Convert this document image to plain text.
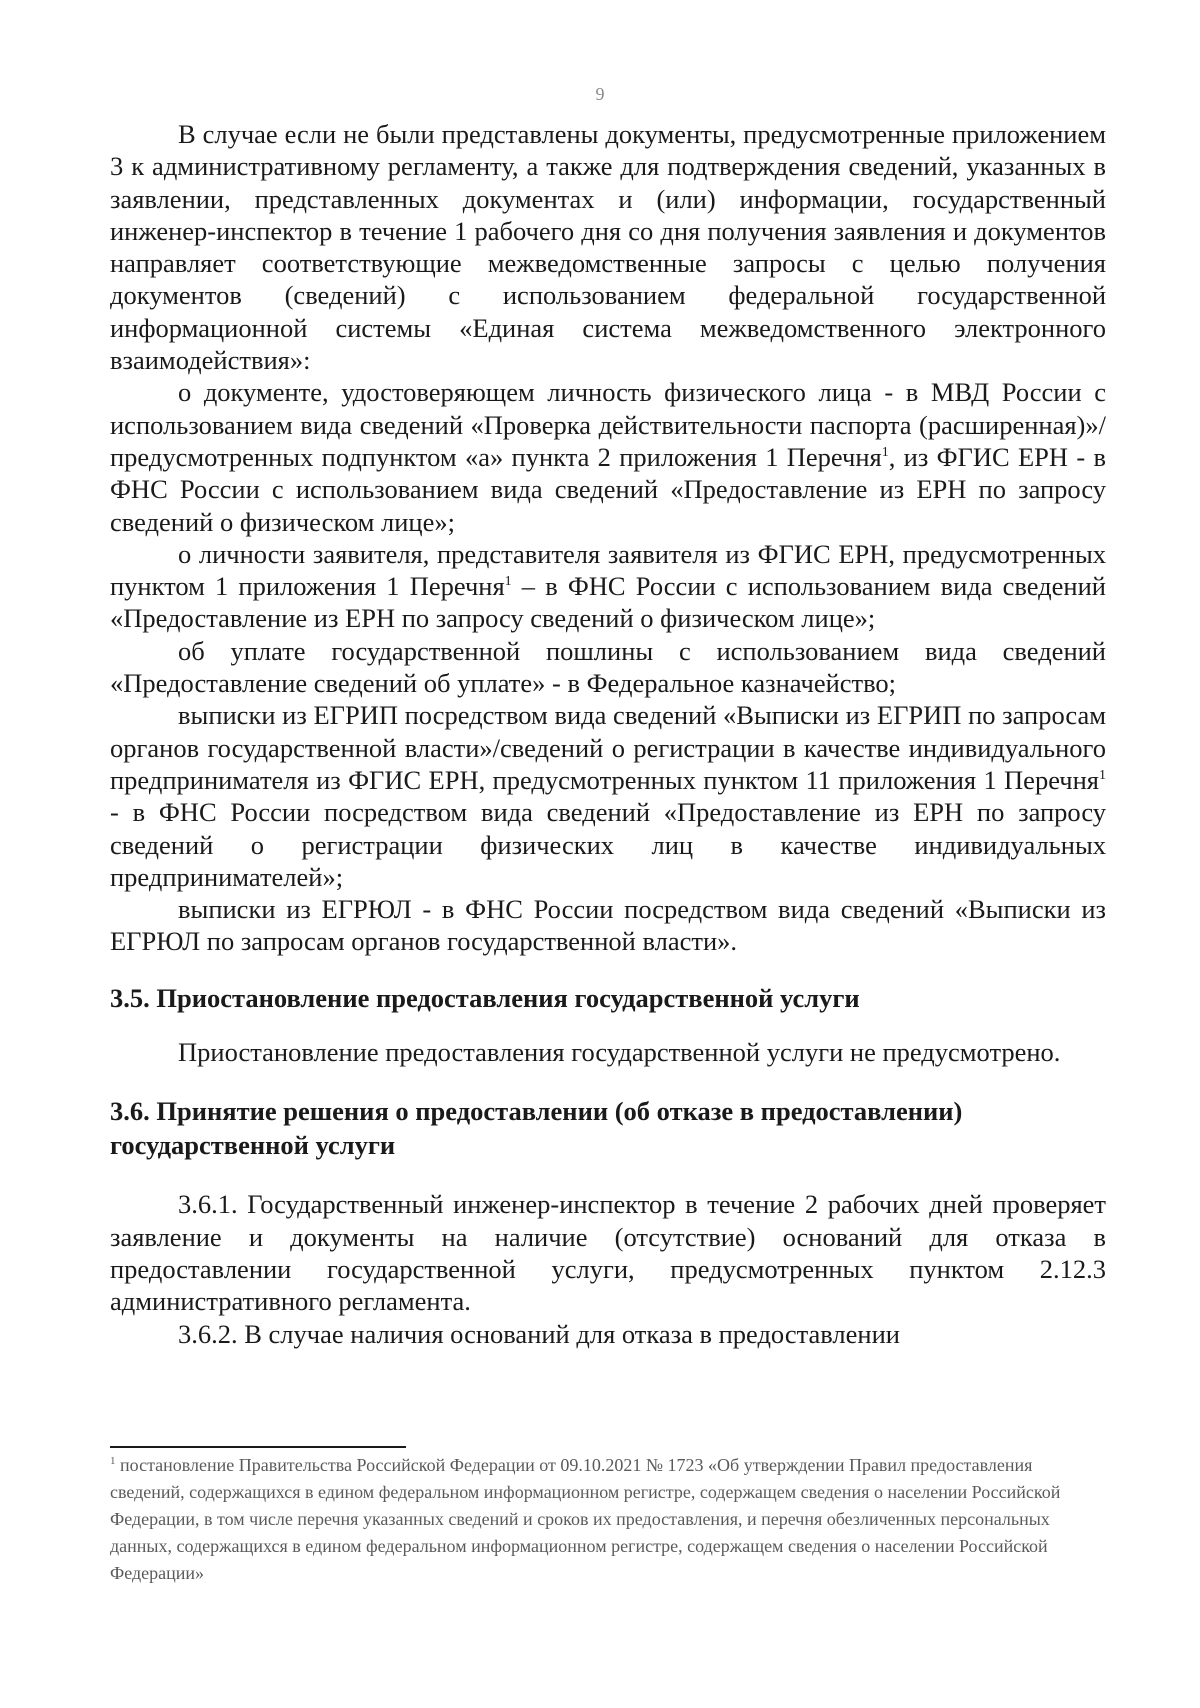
9

В случае если не были представлены документы, предусмотренные приложением 3 к административному регламенту, а также для подтверждения сведений, указанных в заявлении, представленных документах и (или) информации, государственный инженер-инспектор в течение 1 рабочего дня со дня получения заявления и документов направляет соответствующие межведомственные запросы с целью получения документов (сведений) с использованием федеральной государственной информационной системы «Единая система межведомственного электронного взаимодействия»:

о документе, удостоверяющем личность физического лица - в МВД России с использованием вида сведений «Проверка действительности паспорта (расширенная)»/предусмотренных подпунктом «а» пункта 2 приложения 1 Перечня$^1$, из ФГИС ЕРН - в ФНС России с использованием вида сведений «Предоставление из ЕРН по запросу сведений о физическом лице»;

о личности заявителя, представителя заявителя из ФГИС ЕРН, предусмотренных пунктом 1 приложения 1 Перечня$^1$ – в ФНС России с использованием вида сведений «Предоставление из ЕРН по запросу сведений о физическом лице»;

об уплате государственной пошлины с использованием вида сведений «Предоставление сведений об уплате» - в Федеральное казначейство;

выписки из ЕГРИП посредством вида сведений «Выписки из ЕГРИП по запросам органов государственной власти»/сведений о регистрации в качестве индивидуального предпринимателя из ФГИС ЕРН, предусмотренных пунктом 11 приложения 1 Перечня$^1$ - в ФНС России посредством вида сведений «Предоставление из ЕРН по запросу сведений о регистрации физических лиц в качестве индивидуальных предпринимателей»;

выписки из ЕГРЮЛ - в ФНС России посредством вида сведений «Выписки из ЕГРЮЛ по запросам органов государственной власти».

3.5. Приостановление предоставления государственной услуги

Приостановление предоставления государственной услуги не предусмотрено.

3.6. Принятие решения о предоставлении (об отказе в предоставлении)
государственной услуги

3.6.1. Государственный инженер-инспектор в течение 2 рабочих дней проверяет заявление и документы на наличие (отсутствие) оснований для отказа в предоставлении государственной услуги, предусмотренных пунктом 2.12.3 административного регламента.

3.6.2. В случае наличия оснований для отказа в предоставлении

$^1$ постановление Правительства Российской Федерации от 09.10.2021 № 1723 «Об утверждении Правил предоставления сведений, содержащихся в едином федеральном информационном регистре, содержащем сведения о населении Российской Федерации, в том числе перечня указанных сведений и сроков их предоставления, и перечня обезличенных персональных данных, содержащихся в едином федеральном информационном регистре, содержащем сведения о населении Российской Федерации»
